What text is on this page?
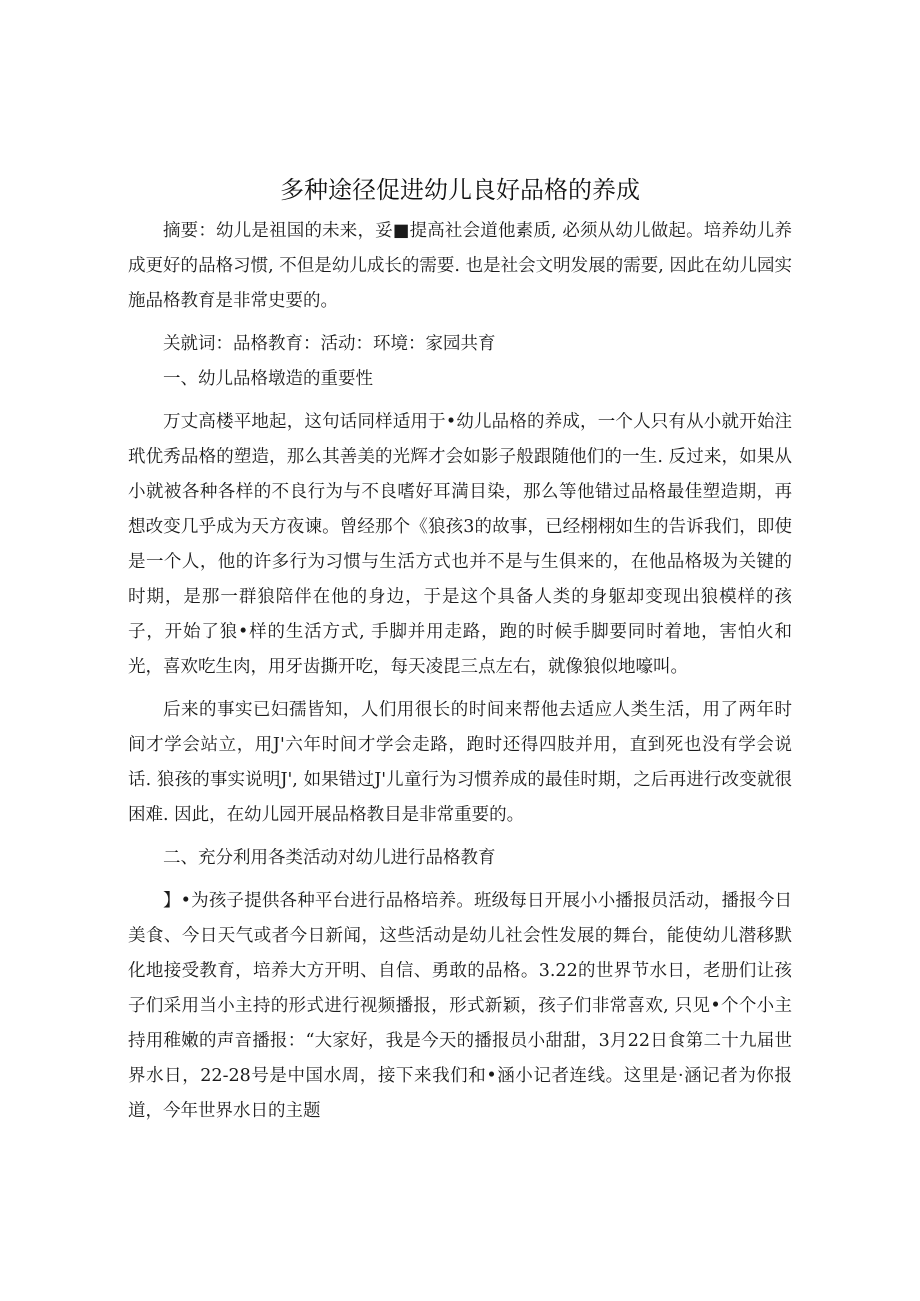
多种途径促进幼儿良好品格的养成

摘要：幼儿是祖国的未来，妥■提高社会道他素质, 必须从幼儿做起。培养幼儿养成更好的品格习惯, 不但是幼儿成长的需要. 也是社会文明发展的需要, 因此在幼儿园实施品格教育是非常史要的。

关就词：品格教育：活动：环境：家园共育

一、幼儿品格墩造的重要性

万丈高楼平地起，这句话同样适用于•幼儿品格的养成，一个人只有从小就开始注玳优秀品格的塑造，那么其善美的光辉才会如影子般跟随他们的一生. 反过来，如果从小就被各种各样的不良行为与不良嗜好耳満目染，那么等他错过品格最佳塑造期，再想改变几乎成为天方夜谏。曾经那个《狼孩3的故事，已经栩栩如生的告诉我们，即使是一个人，他的许多行为习惯与生活方式也并不是与生俱来的，在他品格圾为关键的时期，是那一群狼陪伴在他的身边，于是这个具备人类的身躯却变现出狼模样的孩子，开始了狼•样的生活方式, 手脚并用走路，跑的时候手脚要同时着地，害怕火和光，喜欢吃生肉，用牙齿撕开吃，每天凌毘三点左右，就像狼似地嚎叫。

后来的事实已妇孺皆知，人们用很长的时间来帮他去适应人类生活，用了两年时间才学会站立，用J'六年时间才学会走路，跑时还得四肢并用，直到死也没有学会说话. 狼孩的事实说明J', 如果错过J'儿童行为习惯养成的最佳时期，之后再进行改变就很困难. 因此，在幼儿园开展品格教目是非常重要的。

二、充分利用各类活动对幼儿进行品格教育

】•为孩子提供各种平台进行品格培养。班级每日开展小小播报员活动，播报今日美食、今日天气或者今日新闻，这些活动是幼儿社会性发展的舞台，能使幼儿潜移默化地接受教育，培养大方开明、自信、勇敢的品格。3.22的世界节水日，老册们让孩子们采用当小主持的形式进行视频播报，形式新颖，孩子们非常喜欢, 只见•个个小主持用稚嫩的声音播报：“大家好，我是今天的播报员小甜甜，3月22日食第二十九届世界水日，22-28号是中国水周，接下来我们和•涵小记者连线。这里是·涵记者为你报道，今年世界水日的主题
